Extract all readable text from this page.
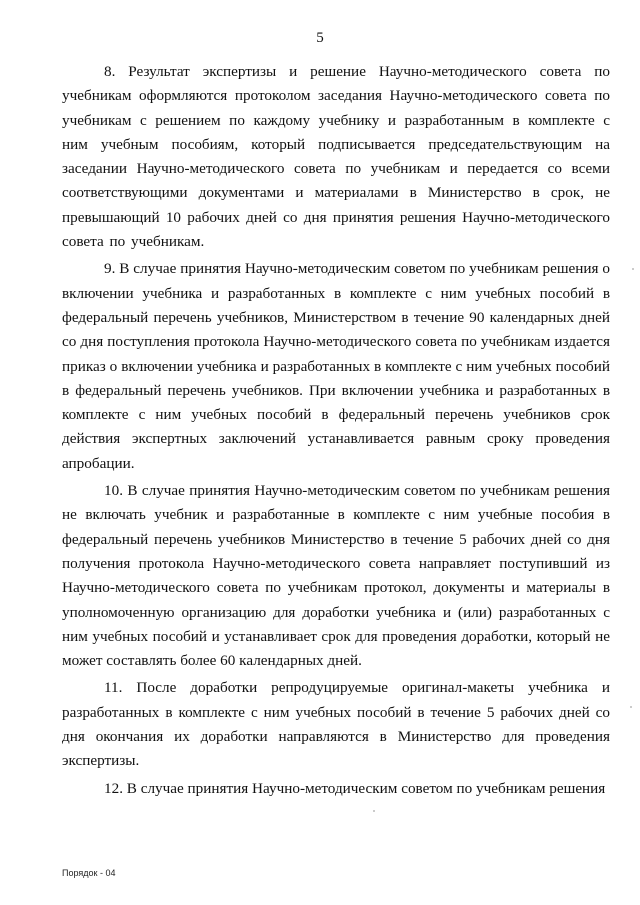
5

8. Результат экспертизы и решение Научно-методического совета по учебникам оформляются протоколом заседания Научно-методического совета по учебникам с решением по каждому учебнику и разработанным в комплекте с ним учебным пособиям, который подписывается председательствующим на заседании Научно-методического совета по учебникам и передается со всеми соответствующими документами и материалами в Министерство в срок, не превышающий 10 рабочих дней со дня принятия решения Научно-методического совета по учебникам.

9. В случае принятия Научно-методическим советом по учебникам решения о включении учебника и разработанных в комплекте с ним учебных пособий в федеральный перечень учебников, Министерством в течение 90 календарных дней со дня поступления протокола Научно-методического совета по учебникам издается приказ о включении учебника и разработанных в комплекте с ним учебных пособий в федеральный перечень учебников. При включении учебника и разработанных в комплекте с ним учебных пособий в федеральный перечень учебников срок действия экспертных заключений устанавливается равным сроку проведения апробации.

10. В случае принятия Научно-методическим советом по учебникам решения не включать учебник и разработанные в комплекте с ним учебные пособия в федеральный перечень учебников Министерство в течение 5 рабочих дней со дня получения протокола Научно-методического совета направляет поступивший из Научно-методического совета по учебникам протокол, документы и материалы в уполномоченную организацию для доработки учебника и (или) разработанных с ним учебных пособий и устанавливает срок для проведения доработки, который не может составлять более 60 календарных дней.

11. После доработки репродуцируемые оригинал-макеты учебника и разработанных в комплекте с ним учебных пособий в течение 5 рабочих дней со дня окончания их доработки направляются в Министерство для проведения экспертизы.

12. В случае принятия Научно-методическим советом по учебникам решения

Порядок - 04
